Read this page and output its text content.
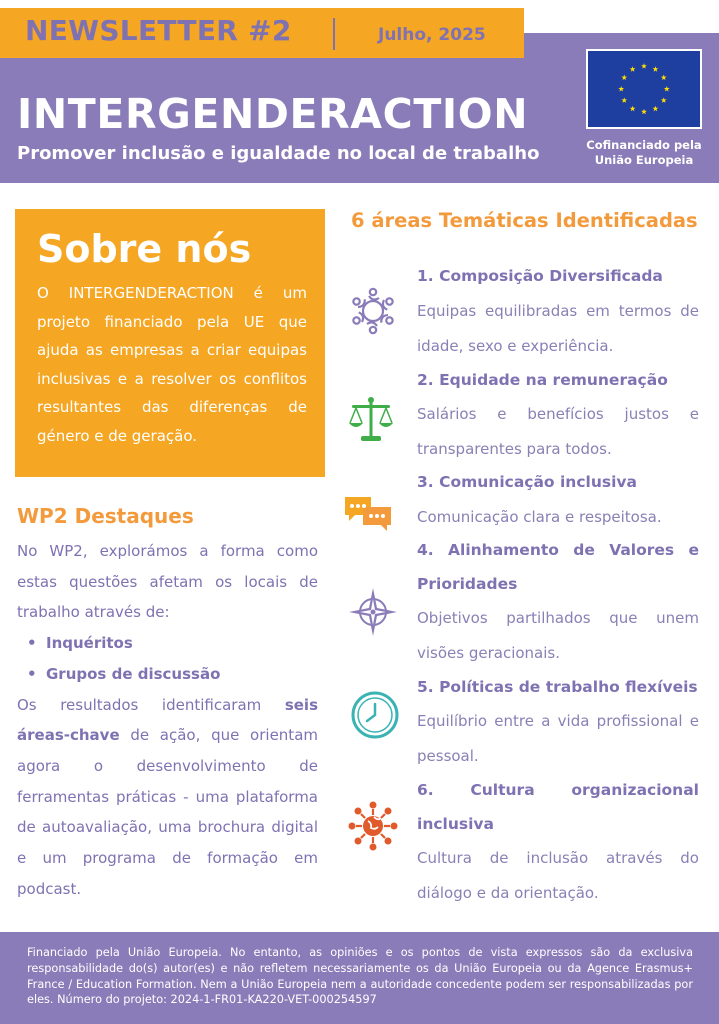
NEWSLETTER #2	Julho, 2025
INTERGENDERACTION
Promover inclusão e igualdade no local de trabalho	Cofinanciado pela
União Europeia
Sobre nós

O INTERGENDERACTION é um projeto financiado pela UE que ajuda as empresas a criar equipas inclusivas e a resolver os conflitos resultantes das diferenças de género e de geração.

WP2 Destaques

No WP2, explorámos a forma como estas questões afetam os locais de trabalho através de:

• Inquéritos
• Grupos de discussão

Os resultados identificaram seis áreas-chave de ação, que orientam agora o desenvolvimento de ferramentas práticas - uma plataforma de autoavaliação, uma brochura digital e um programa de formação em podcast.

6 áreas Temáticas Identificadas
1. Composição Diversificada
Equipas equilibradas em termos de idade, sexo e experiência.
2. Equidade na remuneração
Salários e benefícios justos e transparentes para todos.
3. Comunicação inclusiva
Comunicação clara e respeitosa.
4. Alinhamento de Valores e Prioridades
Objetivos partilhados que unem visões geracionais.
5. Políticas de trabalho flexíveis
Equilíbrio entre a vida profissional e pessoal.
6. Cultura organizacional inclusiva
Cultura de inclusão através do diálogo e da orientação.

Financiado pela União Europeia. No entanto, as opiniões e os pontos de vista expressos são da exclusiva responsabilidade do(s) autor(es) e não refletem necessariamente os da União Europeia ou da Agence Erasmus+ France / Education Formation. Nem a União Europeia nem a autoridade concedente podem ser responsabilizadas por eles. Número do projeto: 2024-1-FR01-KA220-VET-000254597
